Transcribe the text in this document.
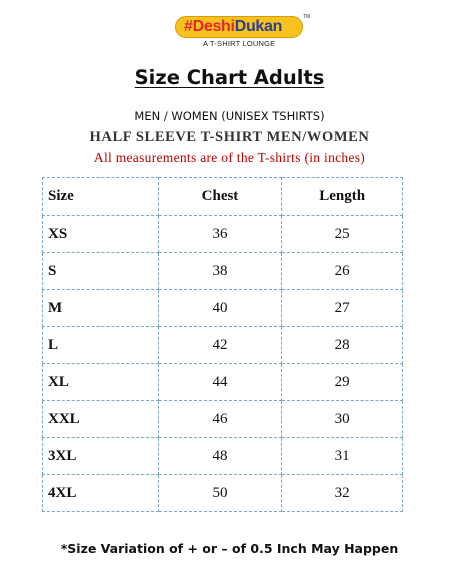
#DeshiDukan
TM
A T-SHIRT LOUNGE
Size Chart Adults
MEN / WOMEN (UNISEX TSHIRTS)
HALF SLEEVE T-SHIRT MEN/WOMEN
All measurements are of the T-shirts (in inches)
Size	Chest	Length
XS	36	25
S	38	26
M	40	27
L	42	28
XL	44	29
XXL	46	30
3XL	48	31
4XL	50	32
*Size Variation of + or – of 0.5 Inch May Happen
